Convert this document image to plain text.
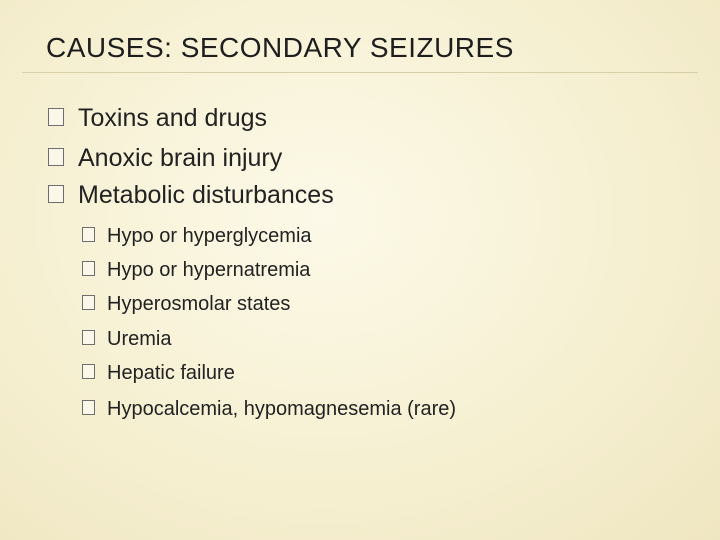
CAUSES: SECONDARY SEIZURES
Toxins and drugs
Anoxic brain injury
Metabolic disturbances
Hypo or hyperglycemia
Hypo or hypernatremia
Hyperosmolar states
Uremia
Hepatic failure
Hypocalcemia, hypomagnesemia (rare)
